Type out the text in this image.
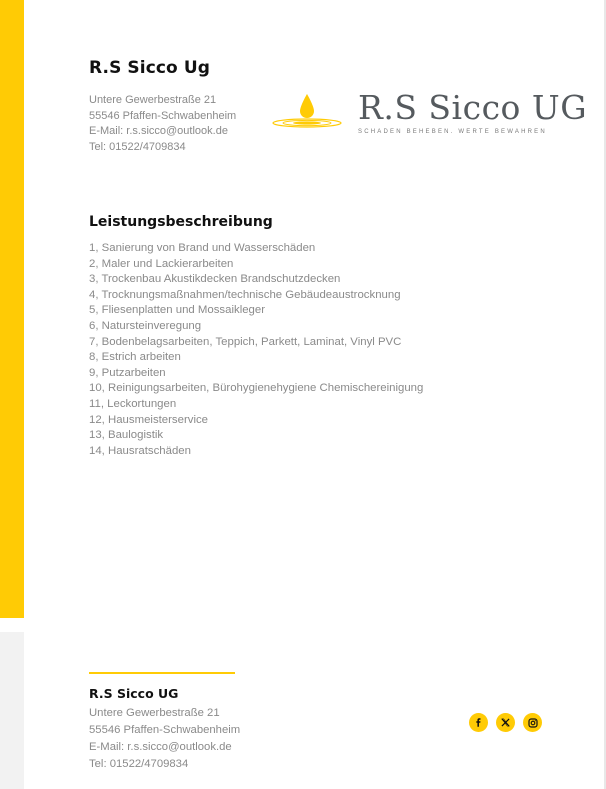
R.S Sicco Ug
Untere Gewerbestraße 21
55546 Pfaffen-Schwabenheim
E-Mail: r.s.sicco@outlook.de
Tel: 01522/4709834
R.S Sicco UG
SCHADEN BEHEBEN. WERTE BEWAHREN
Leistungsbeschreibung
1, Sanierung von Brand und Wasserschäden
2, Maler und Lackierarbeiten
3, Trockenbau Akustikdecken Brandschutzdecken
4, Trocknungsmaßnahmen/technische Gebäudeaustrocknung
5, Fliesenplatten und Mossaikleger
6, Natursteinveregung
7, Bodenbelagsarbeiten, Teppich, Parkett, Laminat, Vinyl PVC
8, Estrich arbeiten
9, Putzarbeiten
10, Reinigungsarbeiten, Bürohygienehygiene Chemischereinigung
11, Leckortungen
12, Hausmeisterservice
13, Baulogistik
14, Hausratschäden
R.S Sicco UG
Untere Gewerbestraße 21
55546 Pfaffen-Schwabenheim
E-Mail: r.s.sicco@outlook.de
Tel: 01522/4709834
